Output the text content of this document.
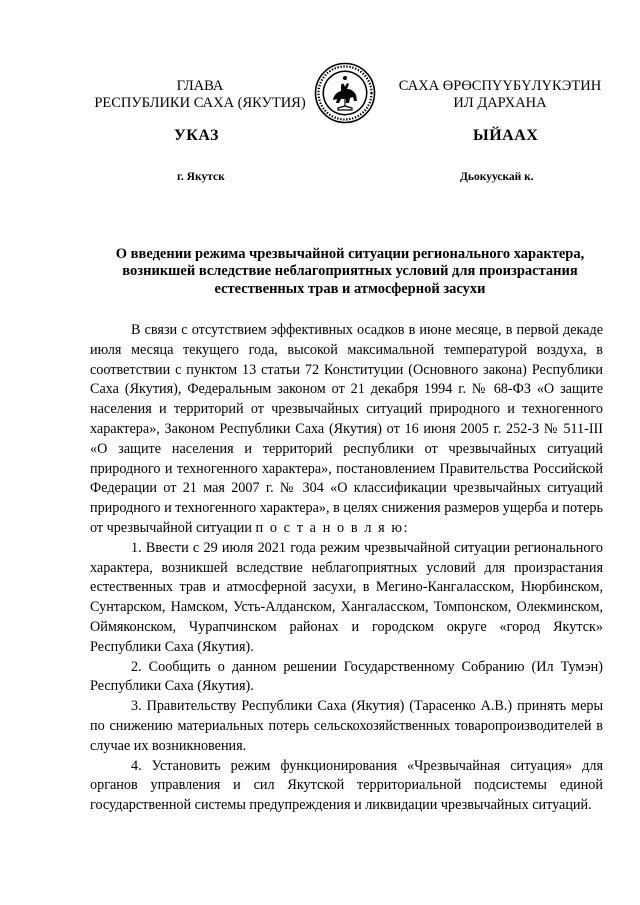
ГЛАВА
РЕСПУБЛИКИ САХА (ЯКУТИЯ)
САХА ӨРӨСПҮҮБҮЛҮКЭТИН
ИЛ ДАРХАНА
УКАЗ	ЫЙААХ
г. Якутск	Дьокуускай к.
О введении режима чрезвычайной ситуации регионального характера,
возникшей вследствие неблагоприятных условий для произрастания
естественных трав и атмосферной засухи

В связи с отсутствием эффективных осадков в июне месяце, в первой декаде июля месяца текущего года, высокой максимальной температурой воздуха, в соответствии с пунктом 13 статьи 72 Конституции (Основного закона) Республики Саха (Якутия), Федеральным законом от 21 декабря 1994 г. № 68-ФЗ «О защите населения и территорий от чрезвычайных ситуаций природного и техногенного характера», Законом Республики Саха (Якутия) от 16 июня 2005 г. 252-З № 511-III «О защите населения и территорий республики от чрезвычайных ситуаций природного и техногенного характера», постановлением Правительства Российской Федерации от 21 мая 2007 г. № 304 «О классификации чрезвычайных ситуаций природного и техногенного характера», в целях снижения размеров ущерба и потерь от чрезвычайной ситуации п о с т а н о в л я ю:

1. Ввести с 29 июля 2021 года режим чрезвычайной ситуации регионального характера, возникшей вследствие неблагоприятных условий для произрастания естественных трав и атмосферной засухи, в Мегино-Кангаласском, Нюрбинском, Сунтарском, Намском, Усть-Алданском, Хангаласском, Томпонском, Олекминском, Оймяконском, Чурапчинском районах и городском округе «город Якутск» Республики Саха (Якутия).

2. Сообщить о данном решении Государственному Собранию (Ил Тумэн) Республики Саха (Якутия).

3. Правительству Республики Саха (Якутия) (Тарасенко А.В.) принять меры по снижению материальных потерь сельскохозяйственных товаропроизводителей в случае их возникновения.

4. Установить режим функционирования «Чрезвычайная ситуация» для органов управления и сил Якутской территориальной подсистемы единой государственной системы предупреждения и ликвидации чрезвычайных ситуаций.
